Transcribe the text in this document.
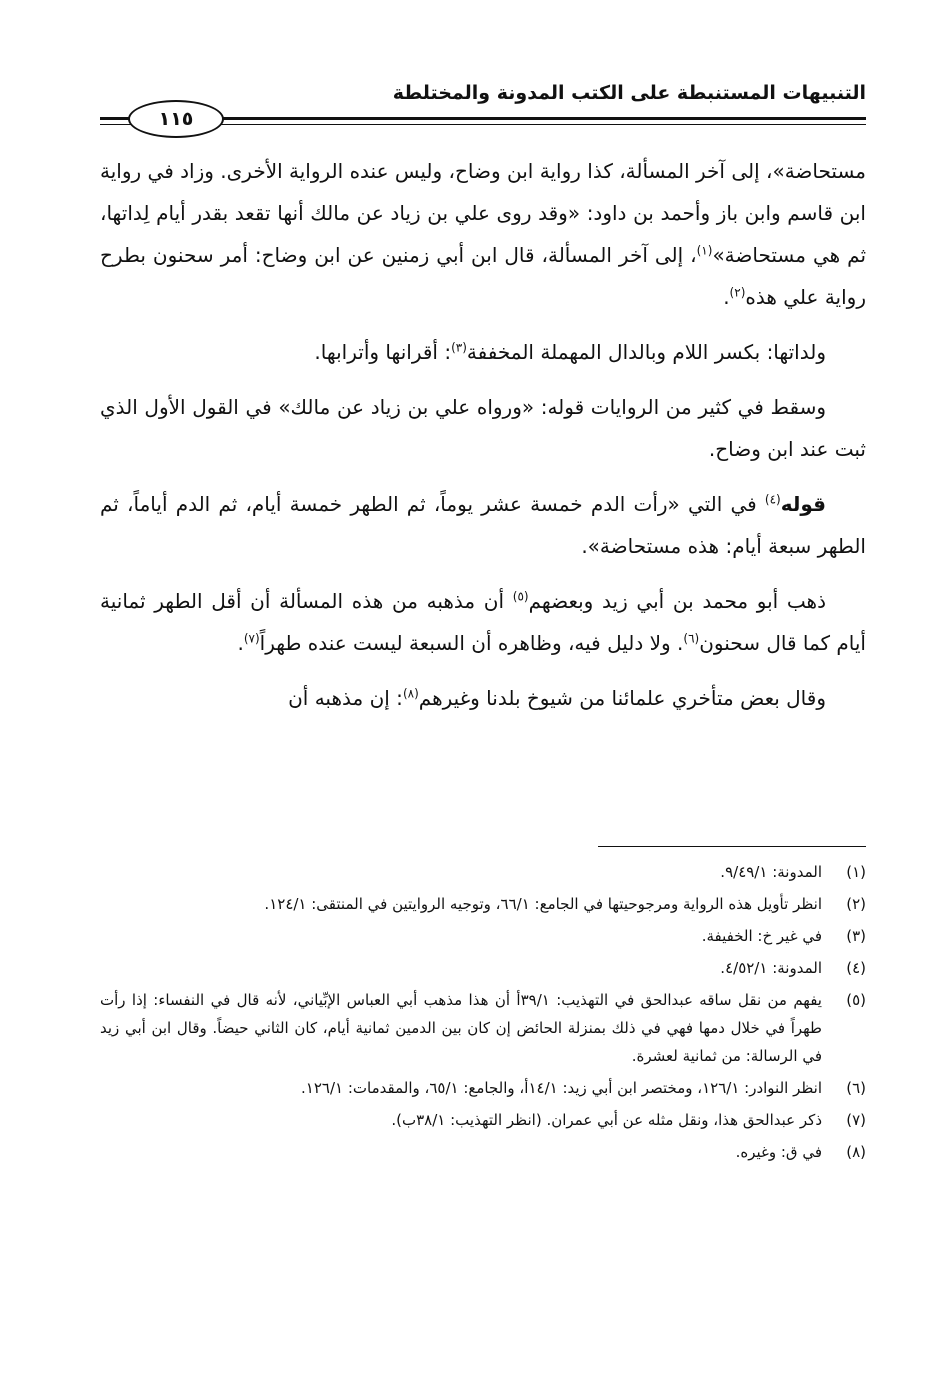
التنبيهات المستنبطة على الكتب المدونة والمختلطة
١١٥

مستحاضة»، إلى آخر المسألة، كذا رواية ابن وضاح، وليس عنده الرواية الأخرى. وزاد في رواية ابن قاسم وابن باز وأحمد بن داود: «وقد روى علي بن زياد عن مالك أنها تقعد بقدر أيام لِداتها، ثم هي مستحاضة»$^{(١)}$، إلى آخر المسألة، قال ابن أبي زمنين عن ابن وضاح: أمر سحنون بطرح رواية علي هذه$^{(٢)}$.

ولداتها: بكسر اللام وبالدال المهملة المخففة$^{(٣)}$: أقرانها وأترابها.

وسقط في كثير من الروايات قوله: «ورواه علي بن زياد عن مالك» في القول الأول الذي ثبت عند ابن وضاح.

قوله$^{(٤)}$ في التي «رأت الدم خمسة عشر يوماً، ثم الطهر خمسة أيام، ثم الدم أياماً، ثم الطهر سبعة أيام: هذه مستحاضة».

ذهب أبو محمد بن أبي زيد وبعضهم$^{(٥)}$ أن مذهبه من هذه المسألة أن أقل الطهر ثمانية أيام كما قال سحنون$^{(٦)}$. ولا دليل فيه، وظاهره أن السبعة ليست عنده طهراً$^{(٧)}$.

وقال بعض متأخري علمائنا من شيوخ بلدنا وغيرهم$^{(٨)}$: إن مذهبه أن

(١)
المدونة: ٩/٤٩/١.
(٢)
انظر تأويل هذه الرواية ومرجوحيتها في الجامع: ٦٦/١، وتوجيه الروايتين في المنتقى: ١٢٤/١.
(٣)
في غير خ: الخفيفة.
(٤)
المدونة: ٤/٥٢/١.
(٥)
يفهم من نقل ساقه عبدالحق في التهذيب: ٣٩/١أ أن هذا مذهب أبي العباس الإبِّياني، لأنه قال في النفساء: إذا رأت طهراً في خلال دمها فهي في ذلك بمنزلة الحائض إن كان بين الدمين ثمانية أيام، كان الثاني حيضاً. وقال ابن أبي زيد في الرسالة: من ثمانية لعشرة.
(٦)
انظر النوادر: ١٢٦/١، ومختصر ابن أبي زيد: ١٤/١أ، والجامع: ٦٥/١، والمقدمات: ١٢٦/١.
(٧)
ذكر عبدالحق هذا، ونقل مثله عن أبي عمران. (انظر التهذيب: ٣٨/١ب).
(٨)
في ق: وغيره.
